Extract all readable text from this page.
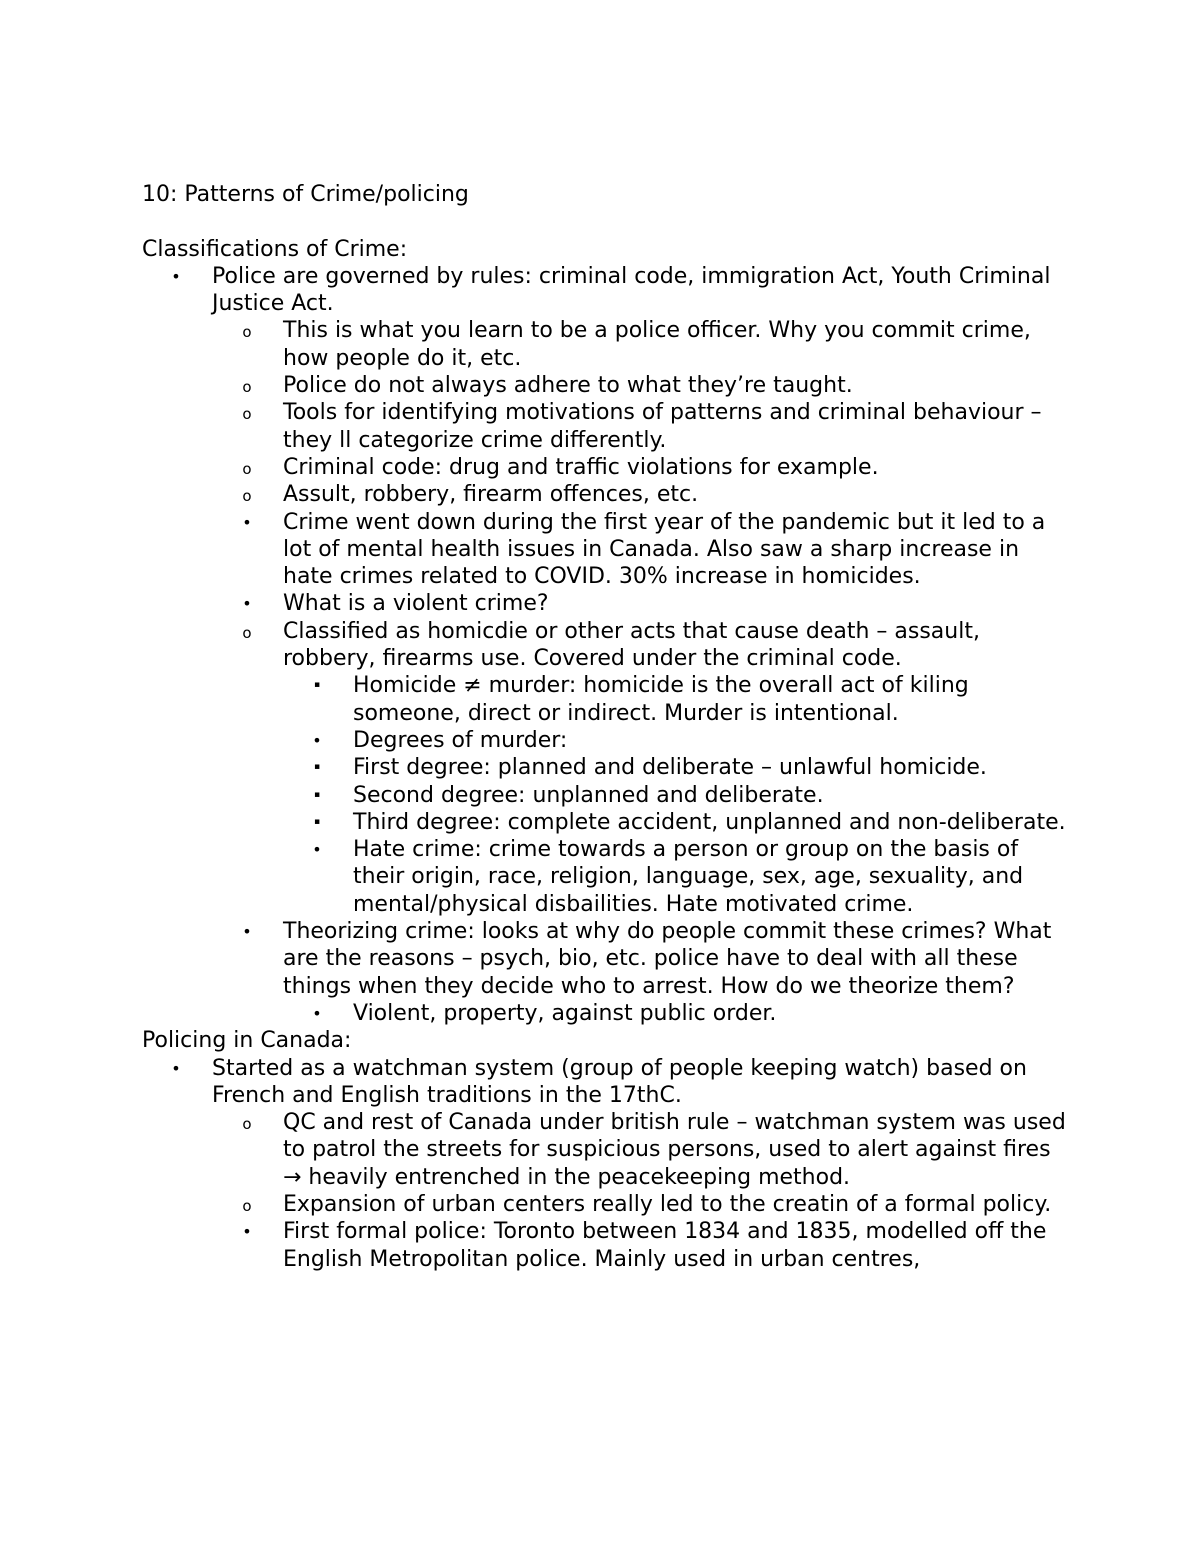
10: Patterns of Crime/policing

Classifications of Crime:

• Police are governed by rules: criminal code, immigration Act, Youth Criminal Justice Act.
o This is what you learn to be a police officer. Why you commit crime, how people do it, etc.
o Police do not always adhere to what they’re taught.
o Tools for identifying motivations of patterns and criminal behaviour – they ll categorize crime differently.
o Criminal code: drug and traffic violations for example.
o Assult, robbery, firearm offences, etc.
• Crime went down during the first year of the pandemic but it led to a lot of mental health issues in Canada. Also saw a sharp increase in hate crimes related to COVID. 30% increase in homicides.
• What is a violent crime?
o Classified as homicdie or other acts that cause death – assault, robbery, firearms use. Covered under the criminal code.
▪	Homicide ≠ murder: homicide is the overall act of kiling someone, direct or indirect. Murder is intentional.
• Degrees of murder:
▪	First degree: planned and deliberate – unlawful homicide.
▪	Second degree: unplanned and deliberate.
▪	Third degree: complete accident, unplanned and non-deliberate.
• Hate crime: crime towards a person or group on the basis of their origin, race, religion, language, sex, age, sexuality, and mental/physical disbailities. Hate motivated crime.
• Theorizing crime: looks at why do people commit these crimes? What are the reasons – psych, bio, etc. police have to deal with all these things when they decide who to arrest. How do we theorize them?
• Violent, property, against public order.

Policing in Canada:

• Started as a watchman system (group of people keeping watch) based on French and English traditions in the 17thC.
o QC and rest of Canada under british rule – watchman system was used to patrol the streets for suspicious persons, used to alert against fires → heavily entrenched in the peacekeeping method.
o Expansion of urban centers really led to the creatin of a formal policy.
• First formal police: Toronto between 1834 and 1835, modelled off the English Metropolitan police. Mainly used in urban centres,
